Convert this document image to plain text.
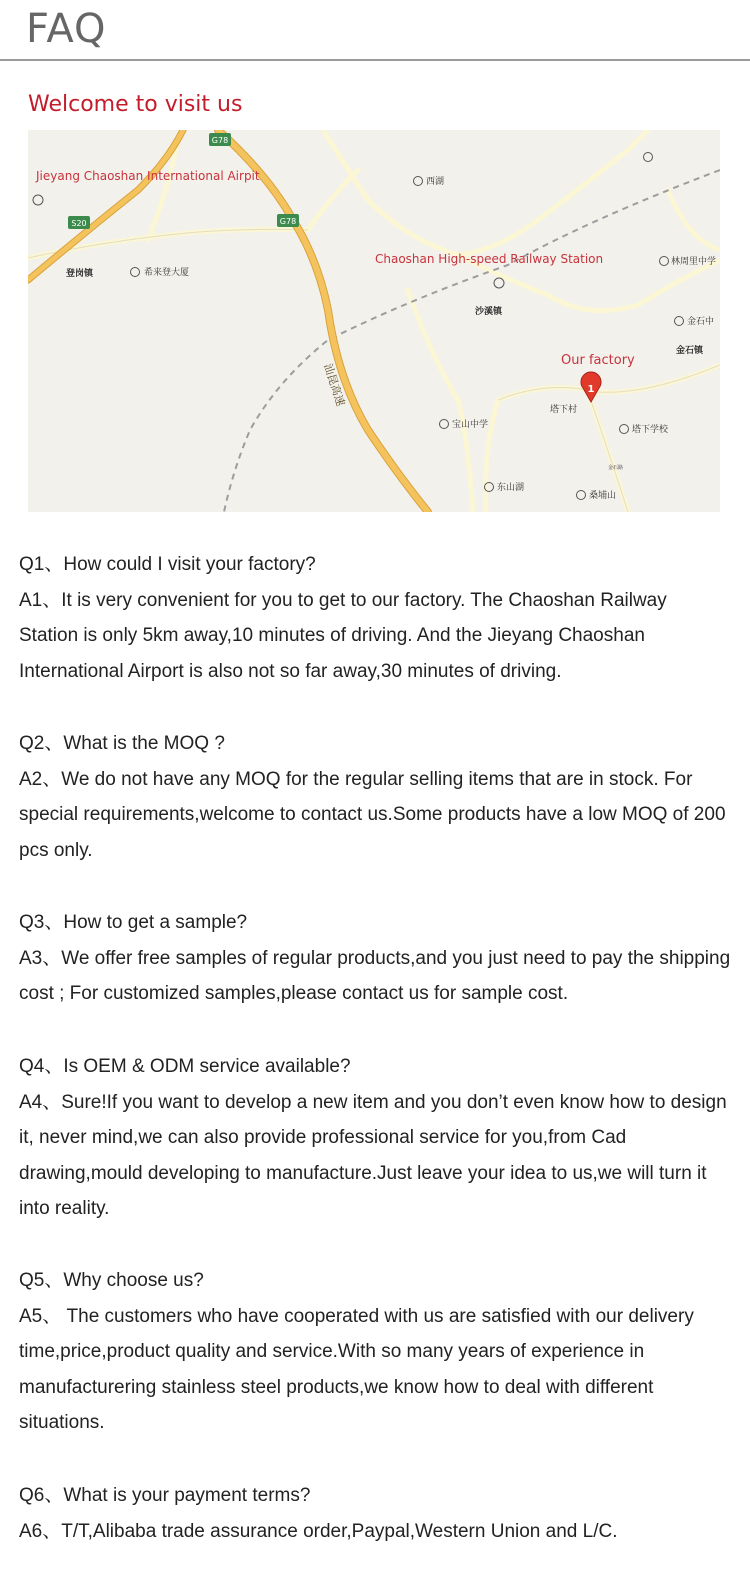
FAQ
Welcome to visit us
G78
G78
S20
西湖
登岗镇	希来登大厦
沙溪镇
林周里中学
金石中
金石镇
塔下村
塔下学校
宝山中学
东山湖
桑埔山
金石路
汕昆高速
Jieyang Chaoshan International Airpit
Chaoshan High-speed Railway Station
Our factory
1

Q1、How could I visit your factory?

A1、It is very convenient for you to get to our factory. The Chaoshan Railway Station is only 5km away,10 minutes of driving. And the Jieyang Chaoshan International Airport is also not so far away,30 minutes of driving.

Q2、What is the MOQ ?

A2、We do not have any MOQ for the regular selling items that are in stock. For special requirements,welcome to contact us.Some products have a low MOQ of 200 pcs only.

Q3、How to get a sample?

A3、We offer free samples of regular products,and you just need to pay the shipping cost ; For customized samples,please contact us for sample cost.

Q4、Is OEM & ODM service available?

A4、Sure!If you want to develop a new item and you don’t even know how to design it, never mind,we can also provide professional service for you,from Cad drawing,mould developing to manufacture.Just leave your idea to us,we will turn it into reality.

Q5、Why choose us?

A5、 The customers who have cooperated with us are satisfied with our delivery time,price,product quality and service.With so many years of experience in manufacturering stainless steel products,we know how to deal with different situations.

Q6、What is your payment terms?

A6、T/T,Alibaba trade assurance order,Paypal,Western Union and L/C.
